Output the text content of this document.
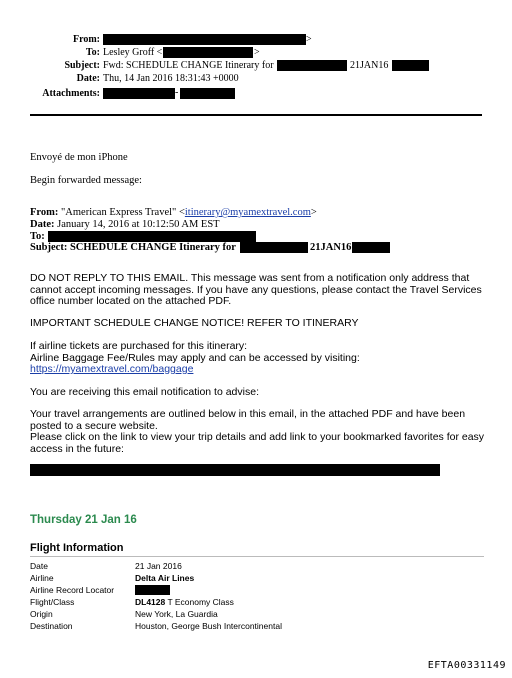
From:	>
To: Lesley Groff <	>
Subject: Fwd: SCHEDULE CHANGE Itinerary for	21JAN16
Date: Thu, 14 Jan 2016 18:31:43 +0000
Attachments:	-
Envoyé de mon iPhone
Begin forwarded message:
From: "American Express Travel" <itinerary@myamextravel.com>
Date: January 14, 2016 at 10:12:50 AM EST
To:
Subject: SCHEDULE CHANGE Itinerary for	21JAN16
DO NOT REPLY TO THIS EMAIL. This message was sent from a notification only address that cannot accept incoming messages. If you have any questions, please contact the Travel Services office number located on the attached PDF.
IMPORTANT SCHEDULE CHANGE NOTICE! REFER TO ITINERARY
If airline tickets are purchased for this itinerary:
Airline Baggage Fee/Rules may apply and can be accessed by visiting:
https://myamextravel.com/baggage
You are receiving this email notification to advise:
Your travel arrangements are outlined below in this email, in the attached PDF and have been posted to a secure website.
Please click on the link to view your trip details and add link to your bookmarked favorites for easy access in the future:
Thursday 21 Jan 16
Flight Information
Date	21 Jan 2016
Airline	Delta Air Lines
Airline Record Locator
Flight/Class	DL4128 T Economy Class
Origin	New York, La Guardia
Destination	Houston, George Bush Intercontinental
EFTA00331149
